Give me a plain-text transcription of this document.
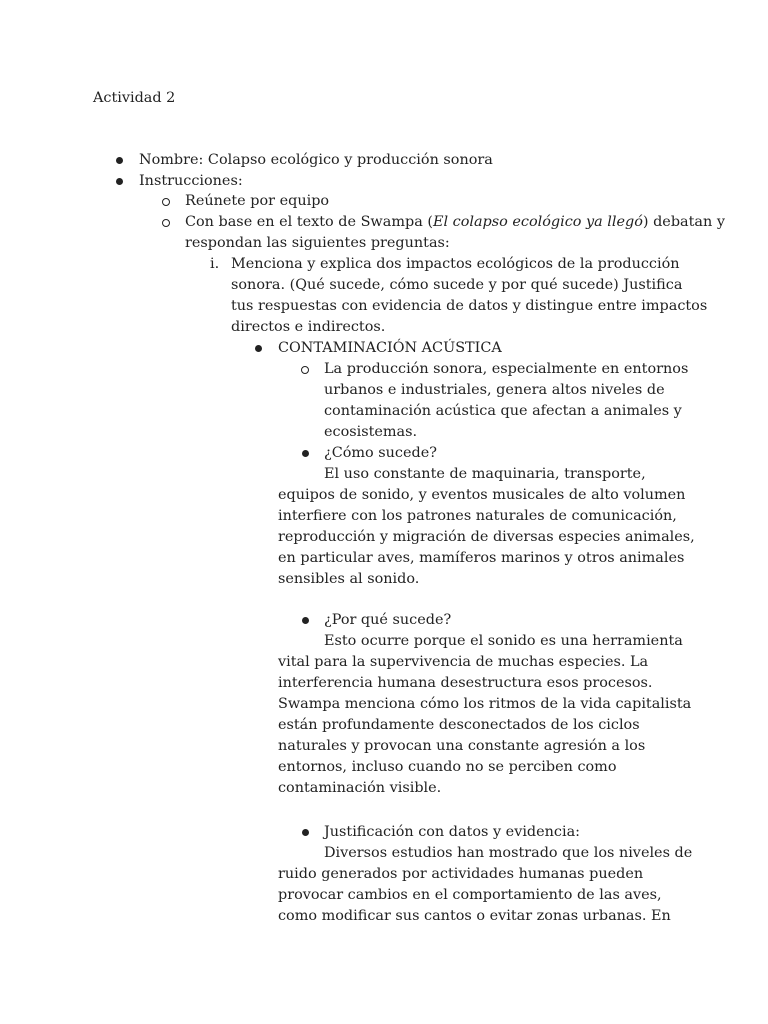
Actividad 2
Nombre: Colapso ecológico y producción sonora
Instrucciones:
Reúnete por equipo
Con base en el texto de Swampa (El colapso ecológico ya llegó) debatan y
respondan las siguientes preguntas:
i. Menciona y explica dos impactos ecológicos de la producción
sonora. (Qué sucede, cómo sucede y por qué sucede) Justifica
tus respuestas con evidencia de datos y distingue entre impactos
directos e indirectos.
CONTAMINACIÓN ACÚSTICA
La producción sonora, especialmente en entornos
urbanos e industriales, genera altos niveles de
contaminación acústica que afectan a animales y
ecosistemas.
¿Cómo sucede?
El uso constante de maquinaria, transporte,
equipos de sonido, y eventos musicales de alto volumen
interfiere con los patrones naturales de comunicación,
reproducción y migración de diversas especies animales,
en particular aves, mamíferos marinos y otros animales
sensibles al sonido.
¿Por qué sucede?
Esto ocurre porque el sonido es una herramienta
vital para la supervivencia de muchas especies. La
interferencia humana desestructura esos procesos.
Swampa menciona cómo los ritmos de la vida capitalista
están profundamente desconectados de los ciclos
naturales y provocan una constante agresión a los
entornos, incluso cuando no se perciben como
contaminación visible.
Justificación con datos y evidencia:
Diversos estudios han mostrado que los niveles de
ruido generados por actividades humanas pueden
provocar cambios en el comportamiento de las aves,
como modificar sus cantos o evitar zonas urbanas. En
